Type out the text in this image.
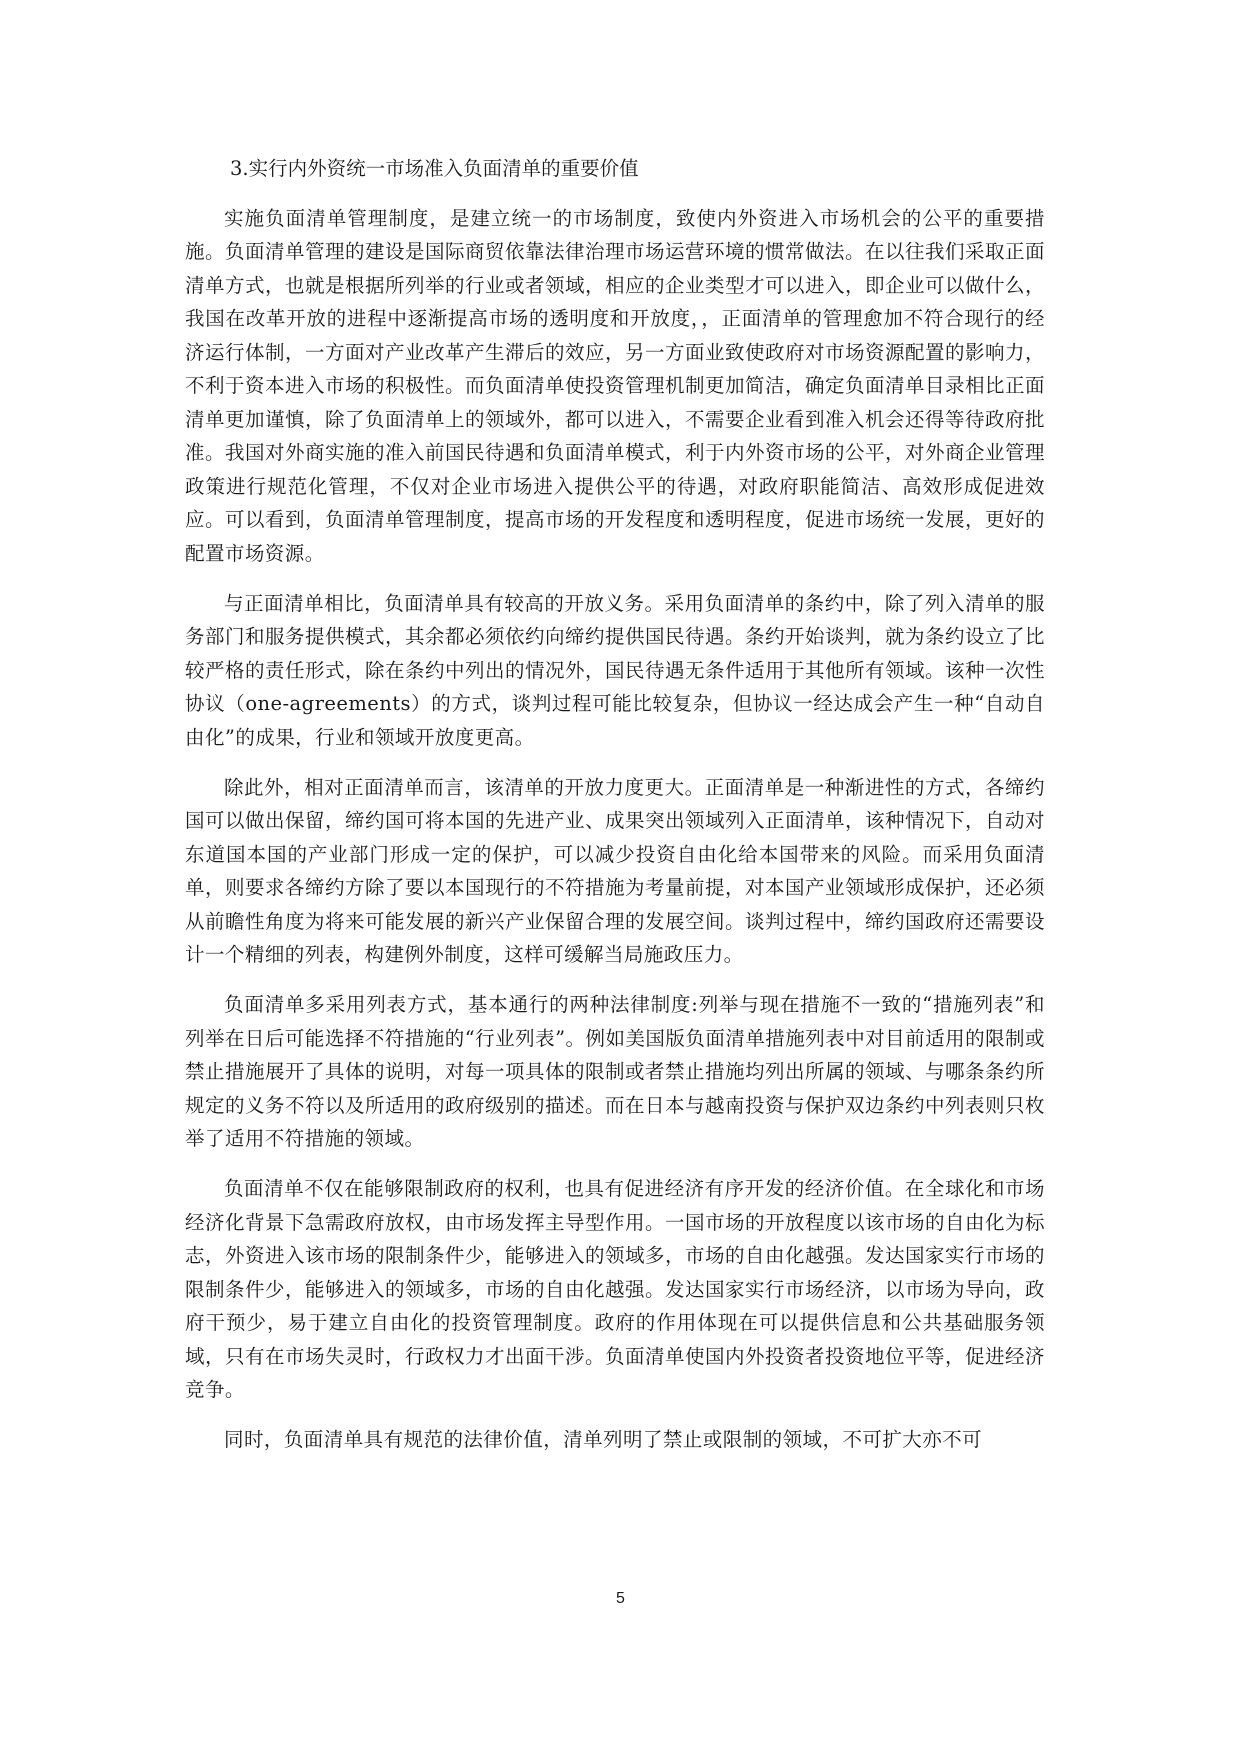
3.实行内外资统一市场准入负面清单的重要价值

实施负面清单管理制度，是建立统一的市场制度，致使内外资进入市场机会的公平的重要措施。负面清单管理的建设是国际商贸依靠法律治理市场运营环境的惯常做法。在以往我们采取正面清单方式，也就是根据所列举的行业或者领域，相应的企业类型才可以进入，即企业可以做什么，我国在改革开放的进程中逐渐提高市场的透明度和开放度，，正面清单的管理愈加不符合现行的经济运行体制，一方面对产业改革产生滞后的效应，另一方面业致使政府对市场资源配置的影响力，不利于资本进入市场的积极性。而负面清单使投资管理机制更加简洁，确定负面清单目录相比正面清单更加谨慎，除了负面清单上的领域外，都可以进入，不需要企业看到准入机会还得等待政府批准。我国对外商实施的准入前国民待遇和负面清单模式，利于内外资市场的公平，对外商企业管理政策进行规范化管理，不仅对企业市场进入提供公平的待遇，对政府职能简洁、高效形成促进效应。可以看到，负面清单管理制度，提高市场的开发程度和透明程度，促进市场统一发展，更好的配置市场资源。

与正面清单相比，负面清单具有较高的开放义务。采用负面清单的条约中，除了列入清单的服务部门和服务提供模式，其余都必须依约向缔约提供国民待遇。条约开始谈判，就为条约设立了比较严格的责任形式，除在条约中列出的情况外，国民待遇无条件适用于其他所有领域。该种一次性协议（one-agreements）的方式，谈判过程可能比较复杂，但协议一经达成会产生一种“自动自由化”的成果，行业和领域开放度更高。

除此外，相对正面清单而言，该清单的开放力度更大。正面清单是一种渐进性的方式，各缔约国可以做出保留，缔约国可将本国的先进产业、成果突出领域列入正面清单，该种情况下，自动对东道国本国的产业部门形成一定的保护，可以减少投资自由化给本国带来的风险。而采用负面清单，则要求各缔约方除了要以本国现行的不符措施为考量前提，对本国产业领域形成保护，还必须从前瞻性角度为将来可能发展的新兴产业保留合理的发展空间。谈判过程中，缔约国政府还需要设计一个精细的列表，构建例外制度，这样可缓解当局施政压力。

负面清单多采用列表方式，基本通行的两种法律制度:列举与现在措施不一致的“措施列表”和列举在日后可能选择不符措施的“行业列表”。例如美国版负面清单措施列表中对目前适用的限制或禁止措施展开了具体的说明，对每一项具体的限制或者禁止措施均列出所属的领域、与哪条条约所规定的义务不符以及所适用的政府级别的描述。而在日本与越南投资与保护双边条约中列表则只枚举了适用不符措施的领域。

负面清单不仅在能够限制政府的权利，也具有促进经济有序开发的经济价值。在全球化和市场经济化背景下急需政府放权，由市场发挥主导型作用。一国市场的开放程度以该市场的自由化为标志，外资进入该市场的限制条件少，能够进入的领域多，市场的自由化越强。发达国家实行市场的限制条件少，能够进入的领域多，市场的自由化越强。发达国家实行市场经济，以市场为导向，政府干预少，易于建立自由化的投资管理制度。政府的作用体现在可以提供信息和公共基础服务领域，只有在市场失灵时，行政权力才出面干涉。负面清单使国内外投资者投资地位平等，促进经济竞争。

同时，负面清单具有规范的法律价值，清单列明了禁止或限制的领域，不可扩大亦不可

5
